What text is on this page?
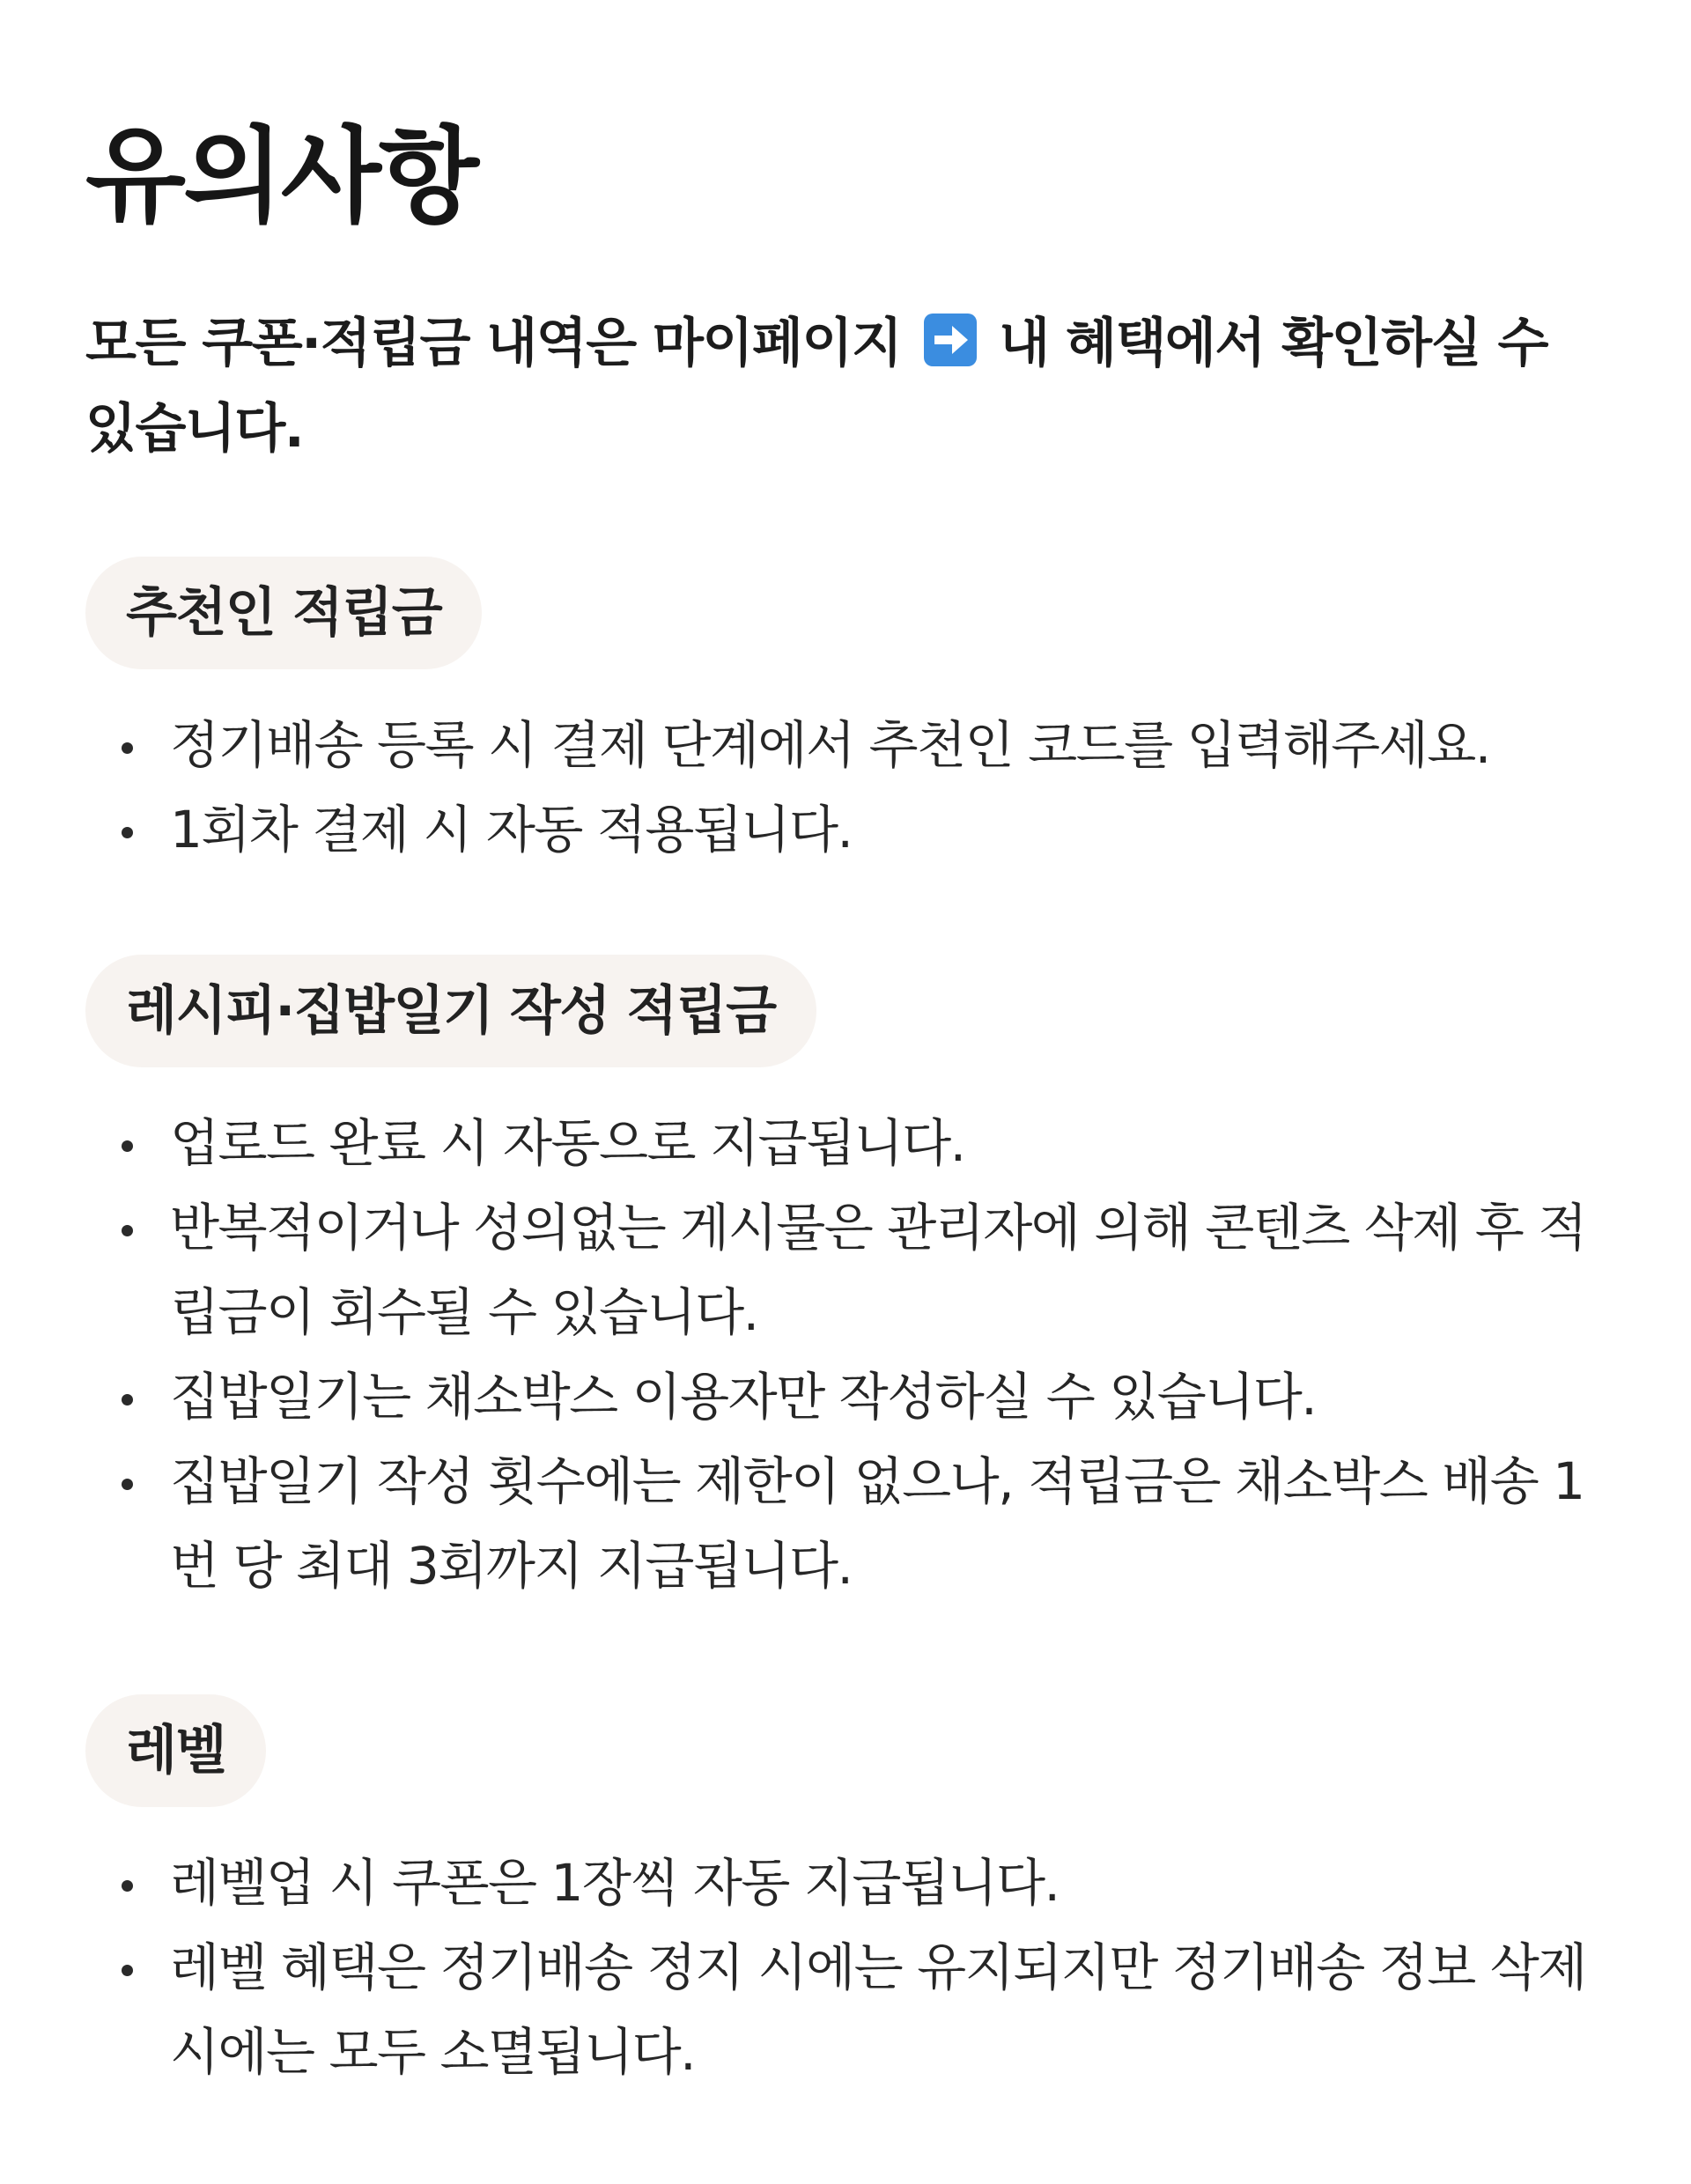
유의사항

모든 쿠폰·적립금 내역은 마이페이지 내 혜택에서 확인하실 수 있습니다.

추천인 적립금
정기배송 등록 시 결제 단계에서 추천인 코드를 입력해주세요.
1회차 결제 시 자동 적용됩니다.
레시피·집밥일기 작성 적립금
업로드 완료 시 자동으로 지급됩니다.
반복적이거나 성의없는 게시물은 관리자에 의해 콘텐츠 삭제 후 적립금이 회수될 수 있습니다.
집밥일기는 채소박스 이용자만 작성하실 수 있습니다.
집밥일기 작성 횟수에는 제한이 없으나, 적립금은 채소박스 배송 1번 당 최대 3회까지 지급됩니다.
레벨
레벨업 시 쿠폰은 1장씩 자동 지급됩니다.
레벨 혜택은 정기배송 정지 시에는 유지되지만 정기배송 정보 삭제 시에는 모두 소멸됩니다.
